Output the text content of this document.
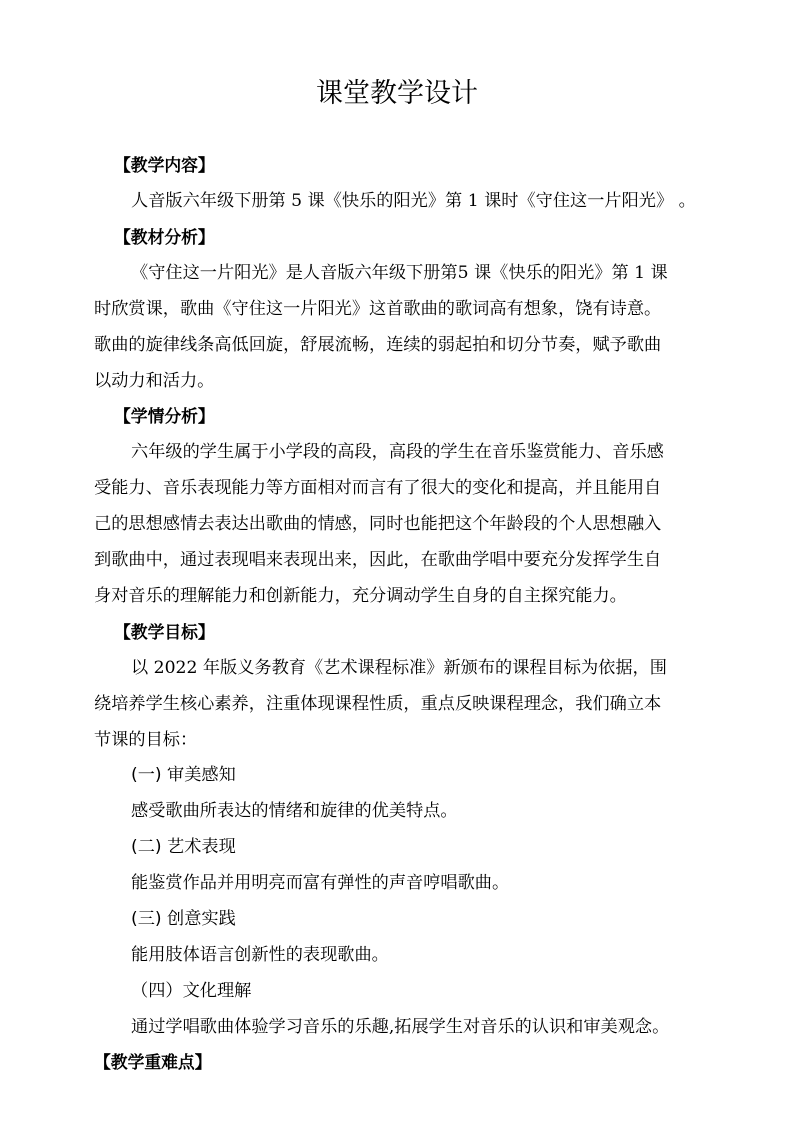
课堂教学设计

【教学内容】

人音版六年级下册第 5 课《快乐的阳光》第 1 课时《守住这一片阳光》 。

【教材分析】

《守住这一片阳光》是人音版六年级下册第5 课《快乐的阳光》第 1 课

时欣赏课，歌曲《守住这一片阳光》这首歌曲的歌词高有想象，饶有诗意。

歌曲的旋律线条高低回旋，舒展流畅，连续的弱起拍和切分节奏，赋予歌曲

以动力和活力。

【学情分析】

六年级的学生属于小学段的高段，高段的学生在音乐鉴赏能力、音乐感

受能力、音乐表现能力等方面相对而言有了很大的变化和提高，并且能用自

己的思想感情去表达出歌曲的情感，同时也能把这个年龄段的个人思想融入

到歌曲中，通过表现唱来表现出来，因此，在歌曲学唱中要充分发挥学生自

身对音乐的理解能力和创新能力，充分调动学生自身的自主探究能力。

【教学目标】

以 2022 年版义务教育《艺术课程标准》新颁布的课程目标为依据，围

绕培养学生核心素养，注重体现课程性质，重点反映课程理念，我们确立本

节课的目标：

(一) 审美感知

感受歌曲所表达的情绪和旋律的优美特点。

(二) 艺术表现

能鉴赏作品并用明亮而富有弹性的声音哼唱歌曲。

(三) 创意实践

能用肢体语言创新性的表现歌曲。

（四）文化理解

通过学唱歌曲体验学习音乐的乐趣,拓展学生对音乐的认识和审美观念。

【教学重难点】
